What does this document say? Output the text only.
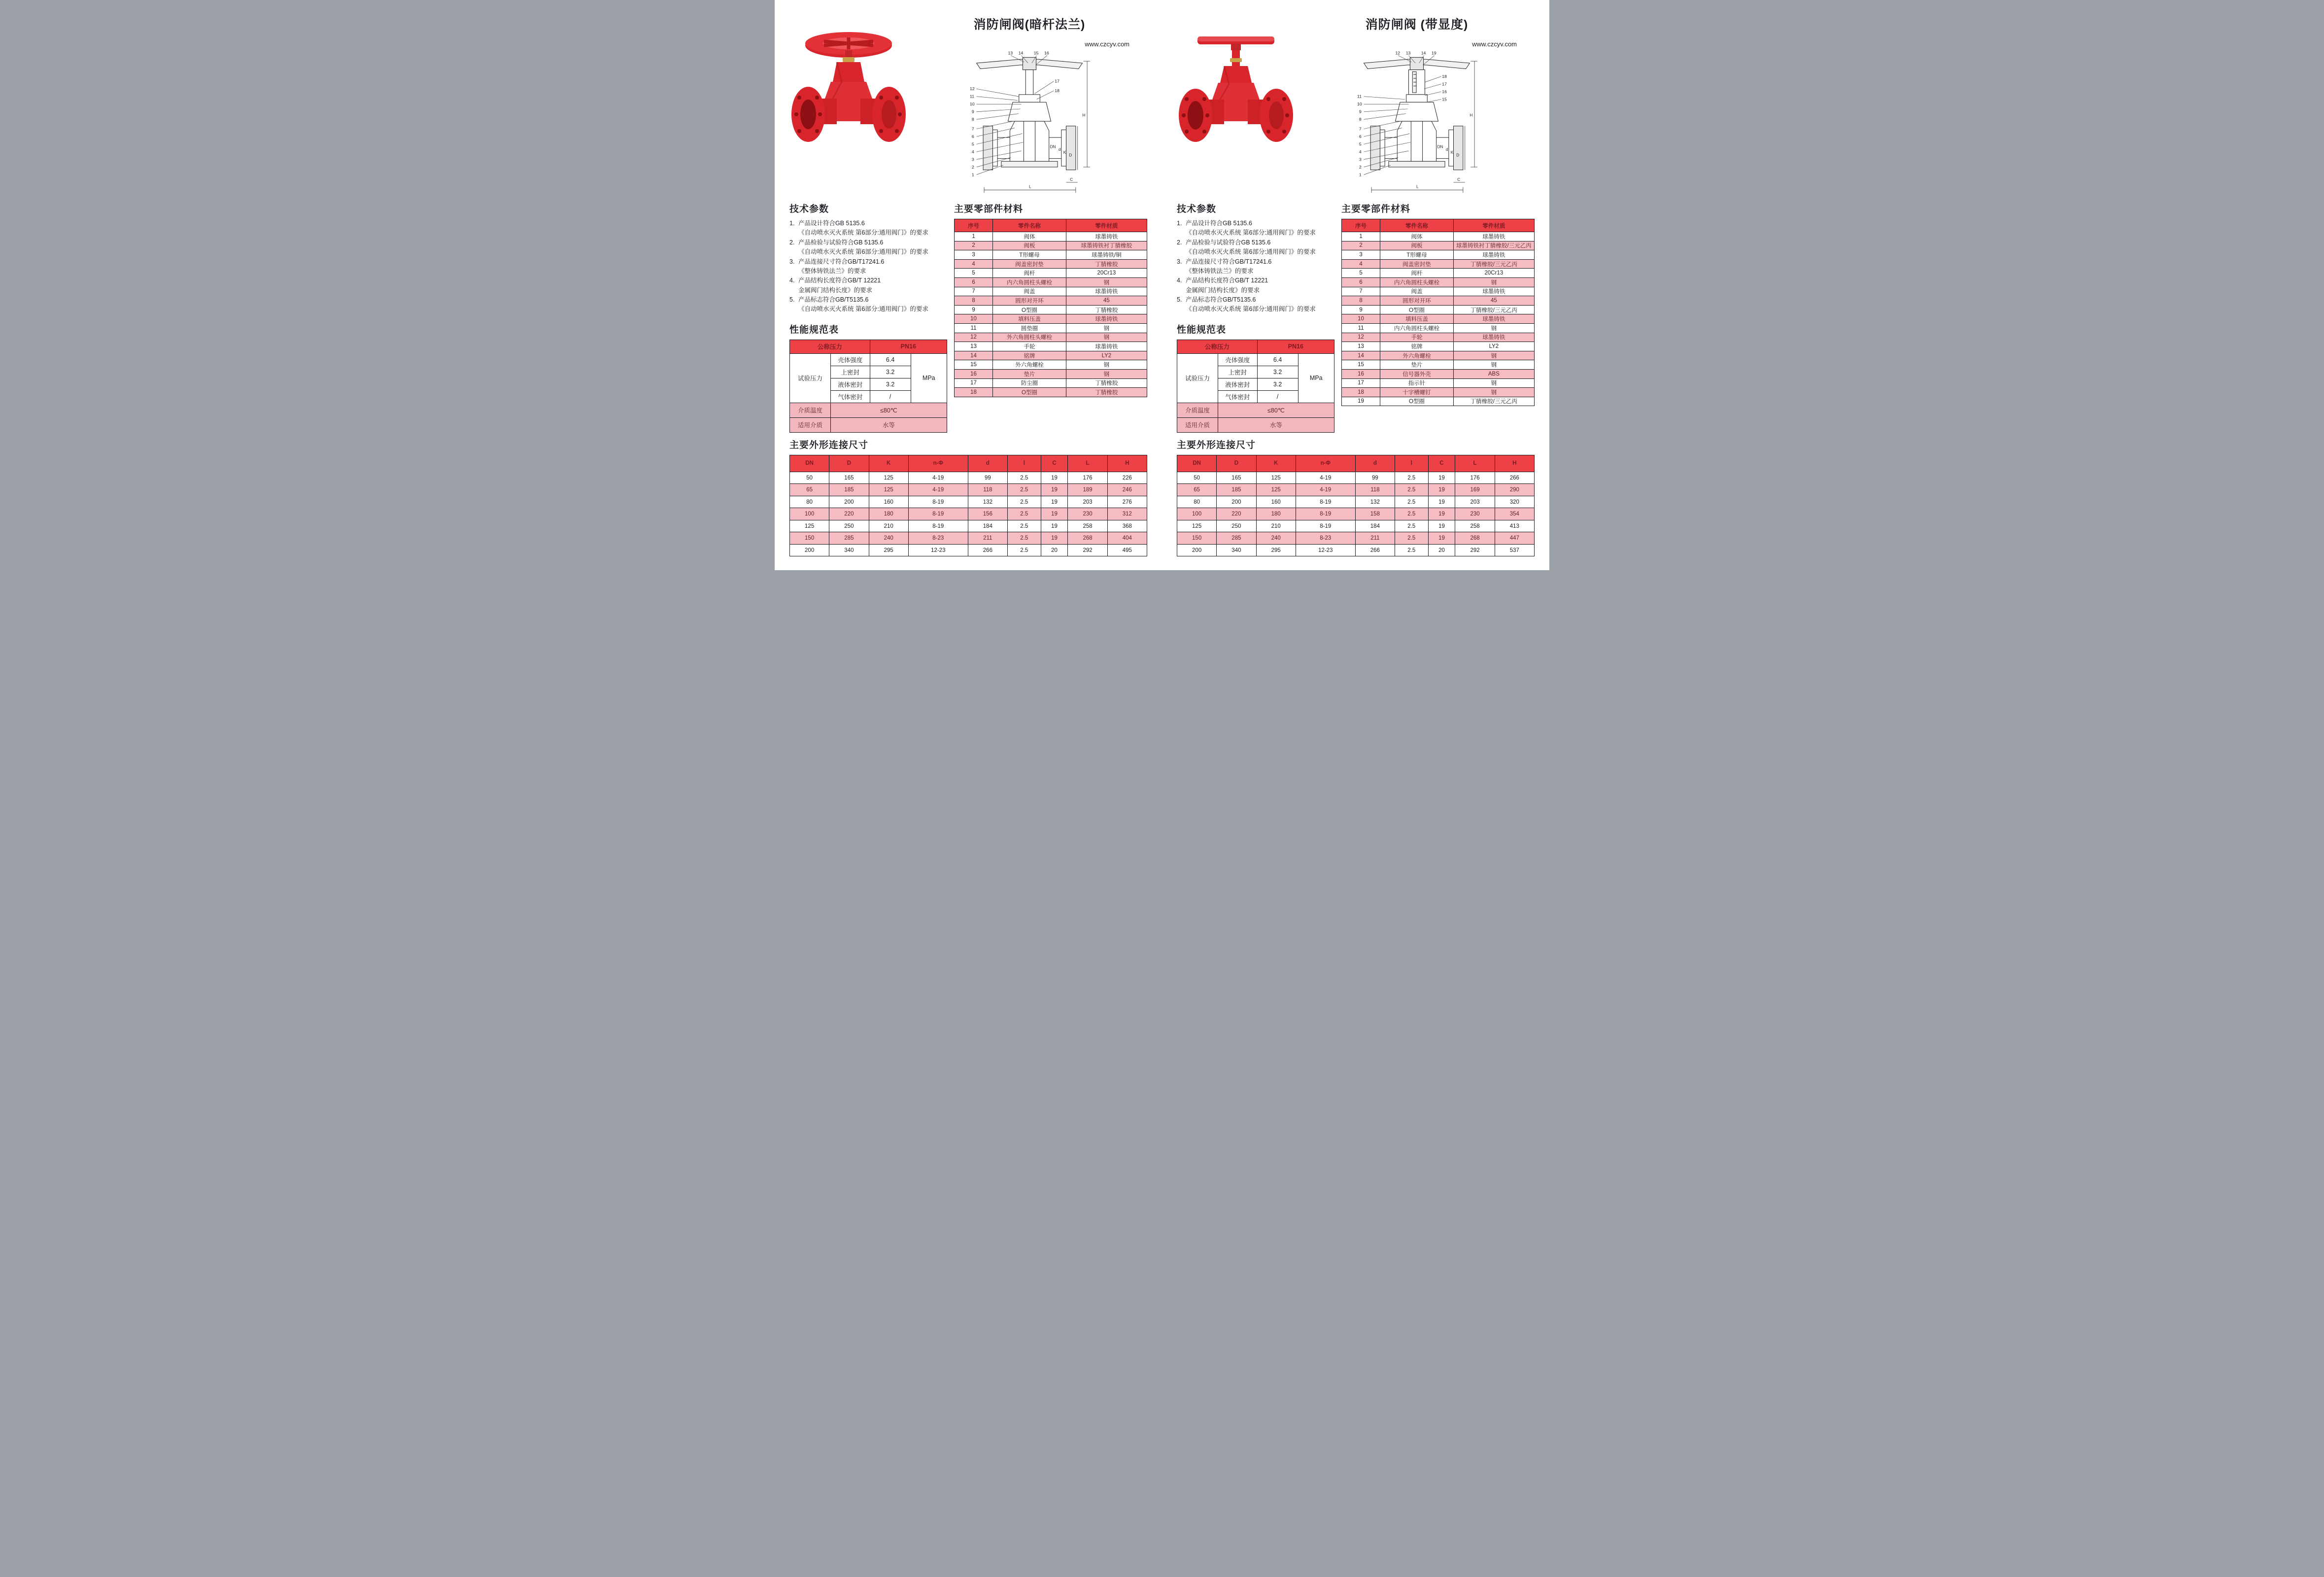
消防闸阀(暗杆法兰)
www.czcyv.com
13 14 15 16
17
18
12
11
10
9
8
7
6
5
4
3
2
1
H
DN
d
K
D
L
C
技术参数
1. 产品设计符合GB 5135.6
《自动喷水灭火系统 第6部分:通用阀门》的要求
2. 产品检验与试验符合GB 5135.6
《自动喷水灭火系统 第6部分:通用阀门》的要求
3. 产品连接尺寸符合GB/T17241.6
《整体铸铁法兰》的要求
4. 产品结构长度符合GB/T 12221
金属阀门结构长度》的要求
5. 产品标志符合GB/T5135.6
《自动喷水灭火系统 第6部分:通用阀门》的要求
性能规范表
公称压力		PN16	
试验压力	壳体强度	6.4	MPa
	上密封	3.2	
	液体密封	3.2	
	气体密封	/	
介质温度	≤80℃		
适用介质	水等		
主要零部件材料
序号	零件名称	零件材质
1	阀体	球墨铸铁
2	阀板	球墨铸铁衬丁腈橡胶
3	T形螺母	球墨铸铁/铜
4	阀盖密封垫	丁腈橡胶
5	阀杆	20Cr13
6	内六角圆柱头螺栓	钢
7	阀盖	球墨铸铁
8	圆形对开环	45
9	O型圈	丁腈橡胶
10	填料压盖	球墨铸铁
11	圆垫圈	钢
12	外六角圆柱头螺栓	钢
13	手轮	球墨铸铁
14	铭牌	LY2
15	外六角螺栓	钢
16	垫片	钢
17	防尘圈	丁腈橡胶
18	O型圈	丁腈橡胶
主要外形连接尺寸
DN	D	K	n-Φ	d	l	C	L	H
50	165	125	4-19	99	2.5	19	176	226
65	185	125	4-19	118	2.5	19	189	246
80	200	160	8-19	132	2.5	19	203	276
100	220	180	8-19	156	2.5	19	230	312
125	250	210	8-19	184	2.5	19	258	368
150	285	240	8-23	211	2.5	19	268	404
200	340	295	12-23	266	2.5	20	292	495
消防闸阀 (带显度)
www.czcyv.com
12 13 14 19
18
17
16
15
11
10
9
8
7
6
5
4
3
2
1
H
DN
d
K
D
L
C
技术参数
1. 产品设计符合GB 5135.6
《自动喷水灭火系统 第6部分:通用阀门》的要求
2. 产品检验与试验符合GB 5135.6
《自动喷水灭火系统 第6部分:通用阀门》的要求
3. 产品连接尺寸符合GB/T17241.6
《整体铸铁法兰》的要求
4. 产品结构长度符合GB/T 12221
金属阀门结构长度》的要求
5. 产品标志符合GB/T5135.6
《自动喷水灭火系统 第6部分:通用阀门》的要求
性能规范表
公称压力		PN16	
试验压力	壳体强度	6.4	MPa
	上密封	3.2	
	液体密封	3.2	
	气体密封	/	
介质温度	≤80℃		
适用介质	水等		
主要零部件材料
序号	零件名称	零件材质
1	阀体	球墨铸铁
2	阀板	球墨铸铁衬丁腈橡胶/三元乙丙
3	T形螺母	球墨铸铁
4	阀盖密封垫	丁腈橡胶/三元乙丙
5	阀杆	20Cr13
6	内六角圆柱头螺栓	钢
7	阀盖	球墨铸铁
8	圆形对开环	45
9	O型圈	丁腈橡胶/三元乙丙
10	填料压盖	球墨铸铁
11	内六角圆柱头螺栓	钢
12	手轮	球墨铸铁
13	铭牌	LY2
14	外六角螺栓	钢
15	垫片	钢
16	信号器外壳	ABS
17	指示针	钢
18	十字槽螺钉	钢
19	O型圈	丁腈橡胶/三元乙丙
主要外形连接尺寸
DN	D	K	n-Φ	d	l	C	L	H
50	165	125	4-19	99	2.5	19	176	266
65	185	125	4-19	118	2.5	19	169	290
80	200	160	8-19	132	2.5	19	203	320
100	220	180	8-19	158	2.5	19	230	354
125	250	210	8-19	184	2.5	19	258	413
150	285	240	8-23	211	2.5	19	268	447
200	340	295	12-23	266	2.5	20	292	537
